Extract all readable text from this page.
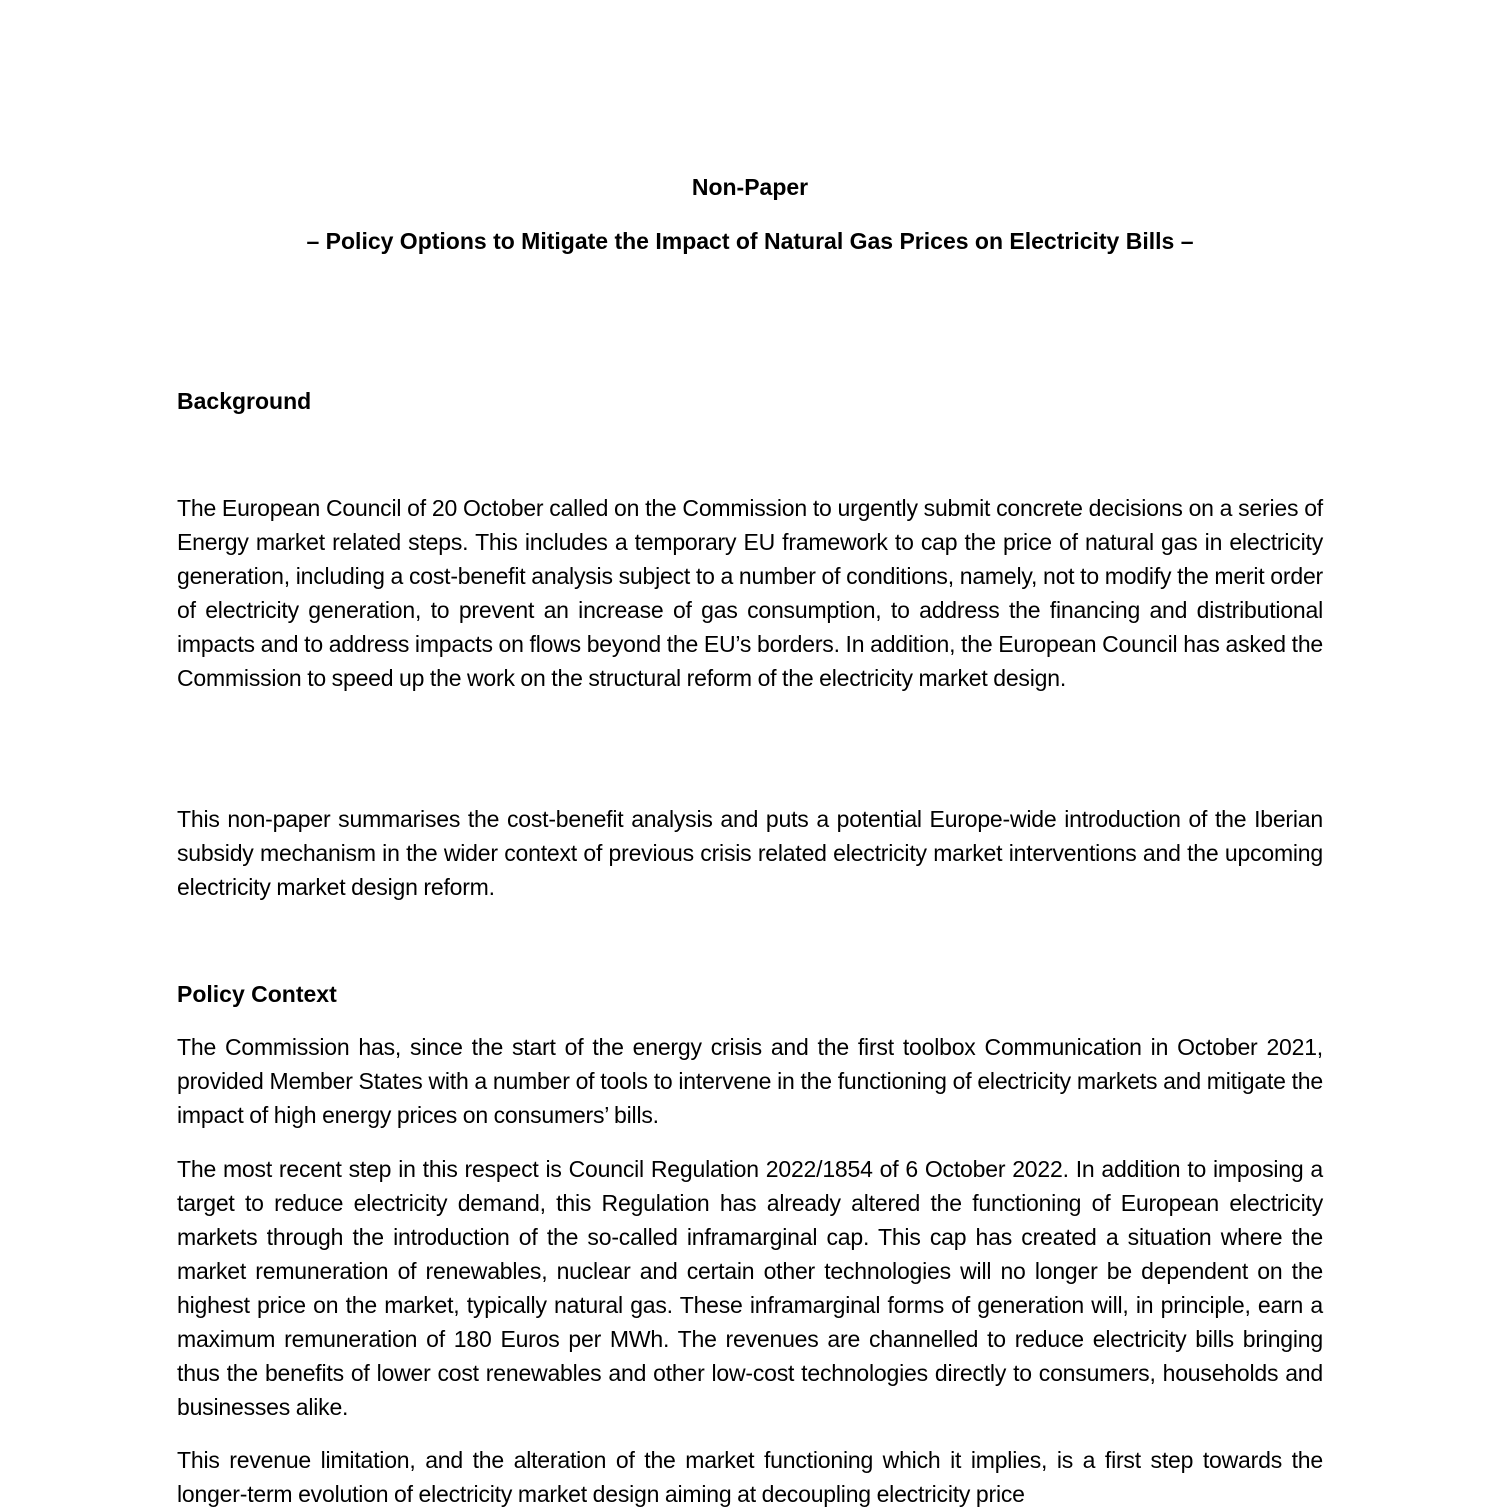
Non-Paper
– Policy Options to Mitigate the Impact of Natural Gas Prices on Electricity Bills –
Background

The European Council of 20 October called on the Commission to urgently submit concrete decisions on a series of Energy market related steps. This includes a temporary EU framework to cap the price of natural gas in electricity generation, including a cost-benefit analysis subject to a number of conditions, namely, not to modify the merit order of electricity generation, to prevent an increase of gas consumption, to address the financing and distributional impacts and to address impacts on flows beyond the EU’s borders. In addition, the European Council has asked the Commission to speed up the work on the structural reform of the electricity market design.

This non-paper summarises the cost-benefit analysis and puts a potential Europe-wide introduction of the Iberian subsidy mechanism in the wider context of previous crisis related electricity market interventions and the upcoming electricity market design reform.

Policy Context

The Commission has, since the start of the energy crisis and the first toolbox Communication in October 2021, provided Member States with a number of tools to intervene in the functioning of electricity markets and mitigate the impact of high energy prices on consumers’ bills.

The most recent step in this respect is Council Regulation 2022/1854 of 6 October 2022. In addition to imposing a target to reduce electricity demand, this Regulation has already altered the functioning of European electricity markets through the introduction of the so-called inframarginal cap. This cap has created a situation where the market remuneration of renewables, nuclear and certain other technologies will no longer be dependent on the highest price on the market, typically natural gas. These inframarginal forms of generation will, in principle, earn a maximum remuneration of 180 Euros per MWh. The revenues are channelled to reduce electricity bills bringing thus the benefits of lower cost renewables and other low-cost technologies directly to consumers, households and businesses alike.

This revenue limitation, and the alteration of the market functioning which it implies, is a first step towards the longer-term evolution of electricity market design aiming at decoupling electricity price
